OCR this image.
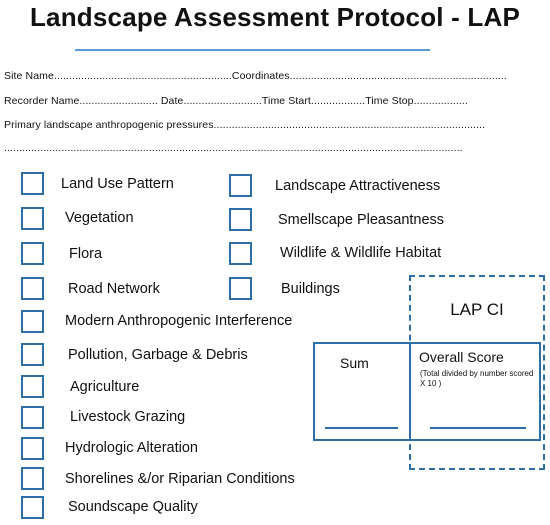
Landscape Assessment Protocol - LAP
Site Name...........................................................Coordinates........................................................................
Recorder Name.......................... Date..........................Time Start..................Time Stop..................
Primary landscape anthropogenic pressures..........................................................................................
........................................................................................................................................................
Land Use Pattern
Vegetation
Flora
Road Network
Modern Anthropogenic Interference
Pollution, Garbage & Debris
Agriculture
Livestock Grazing
Hydrologic Alteration
Shorelines &/or Riparian Conditions
Soundscape Quality
Landscape Attractiveness
Smellscape Pleasantness
Wildlife & Wildlife Habitat
Buildings
LAP CI
Sum	Overall Score
(Total divided by number scored X 10 )
